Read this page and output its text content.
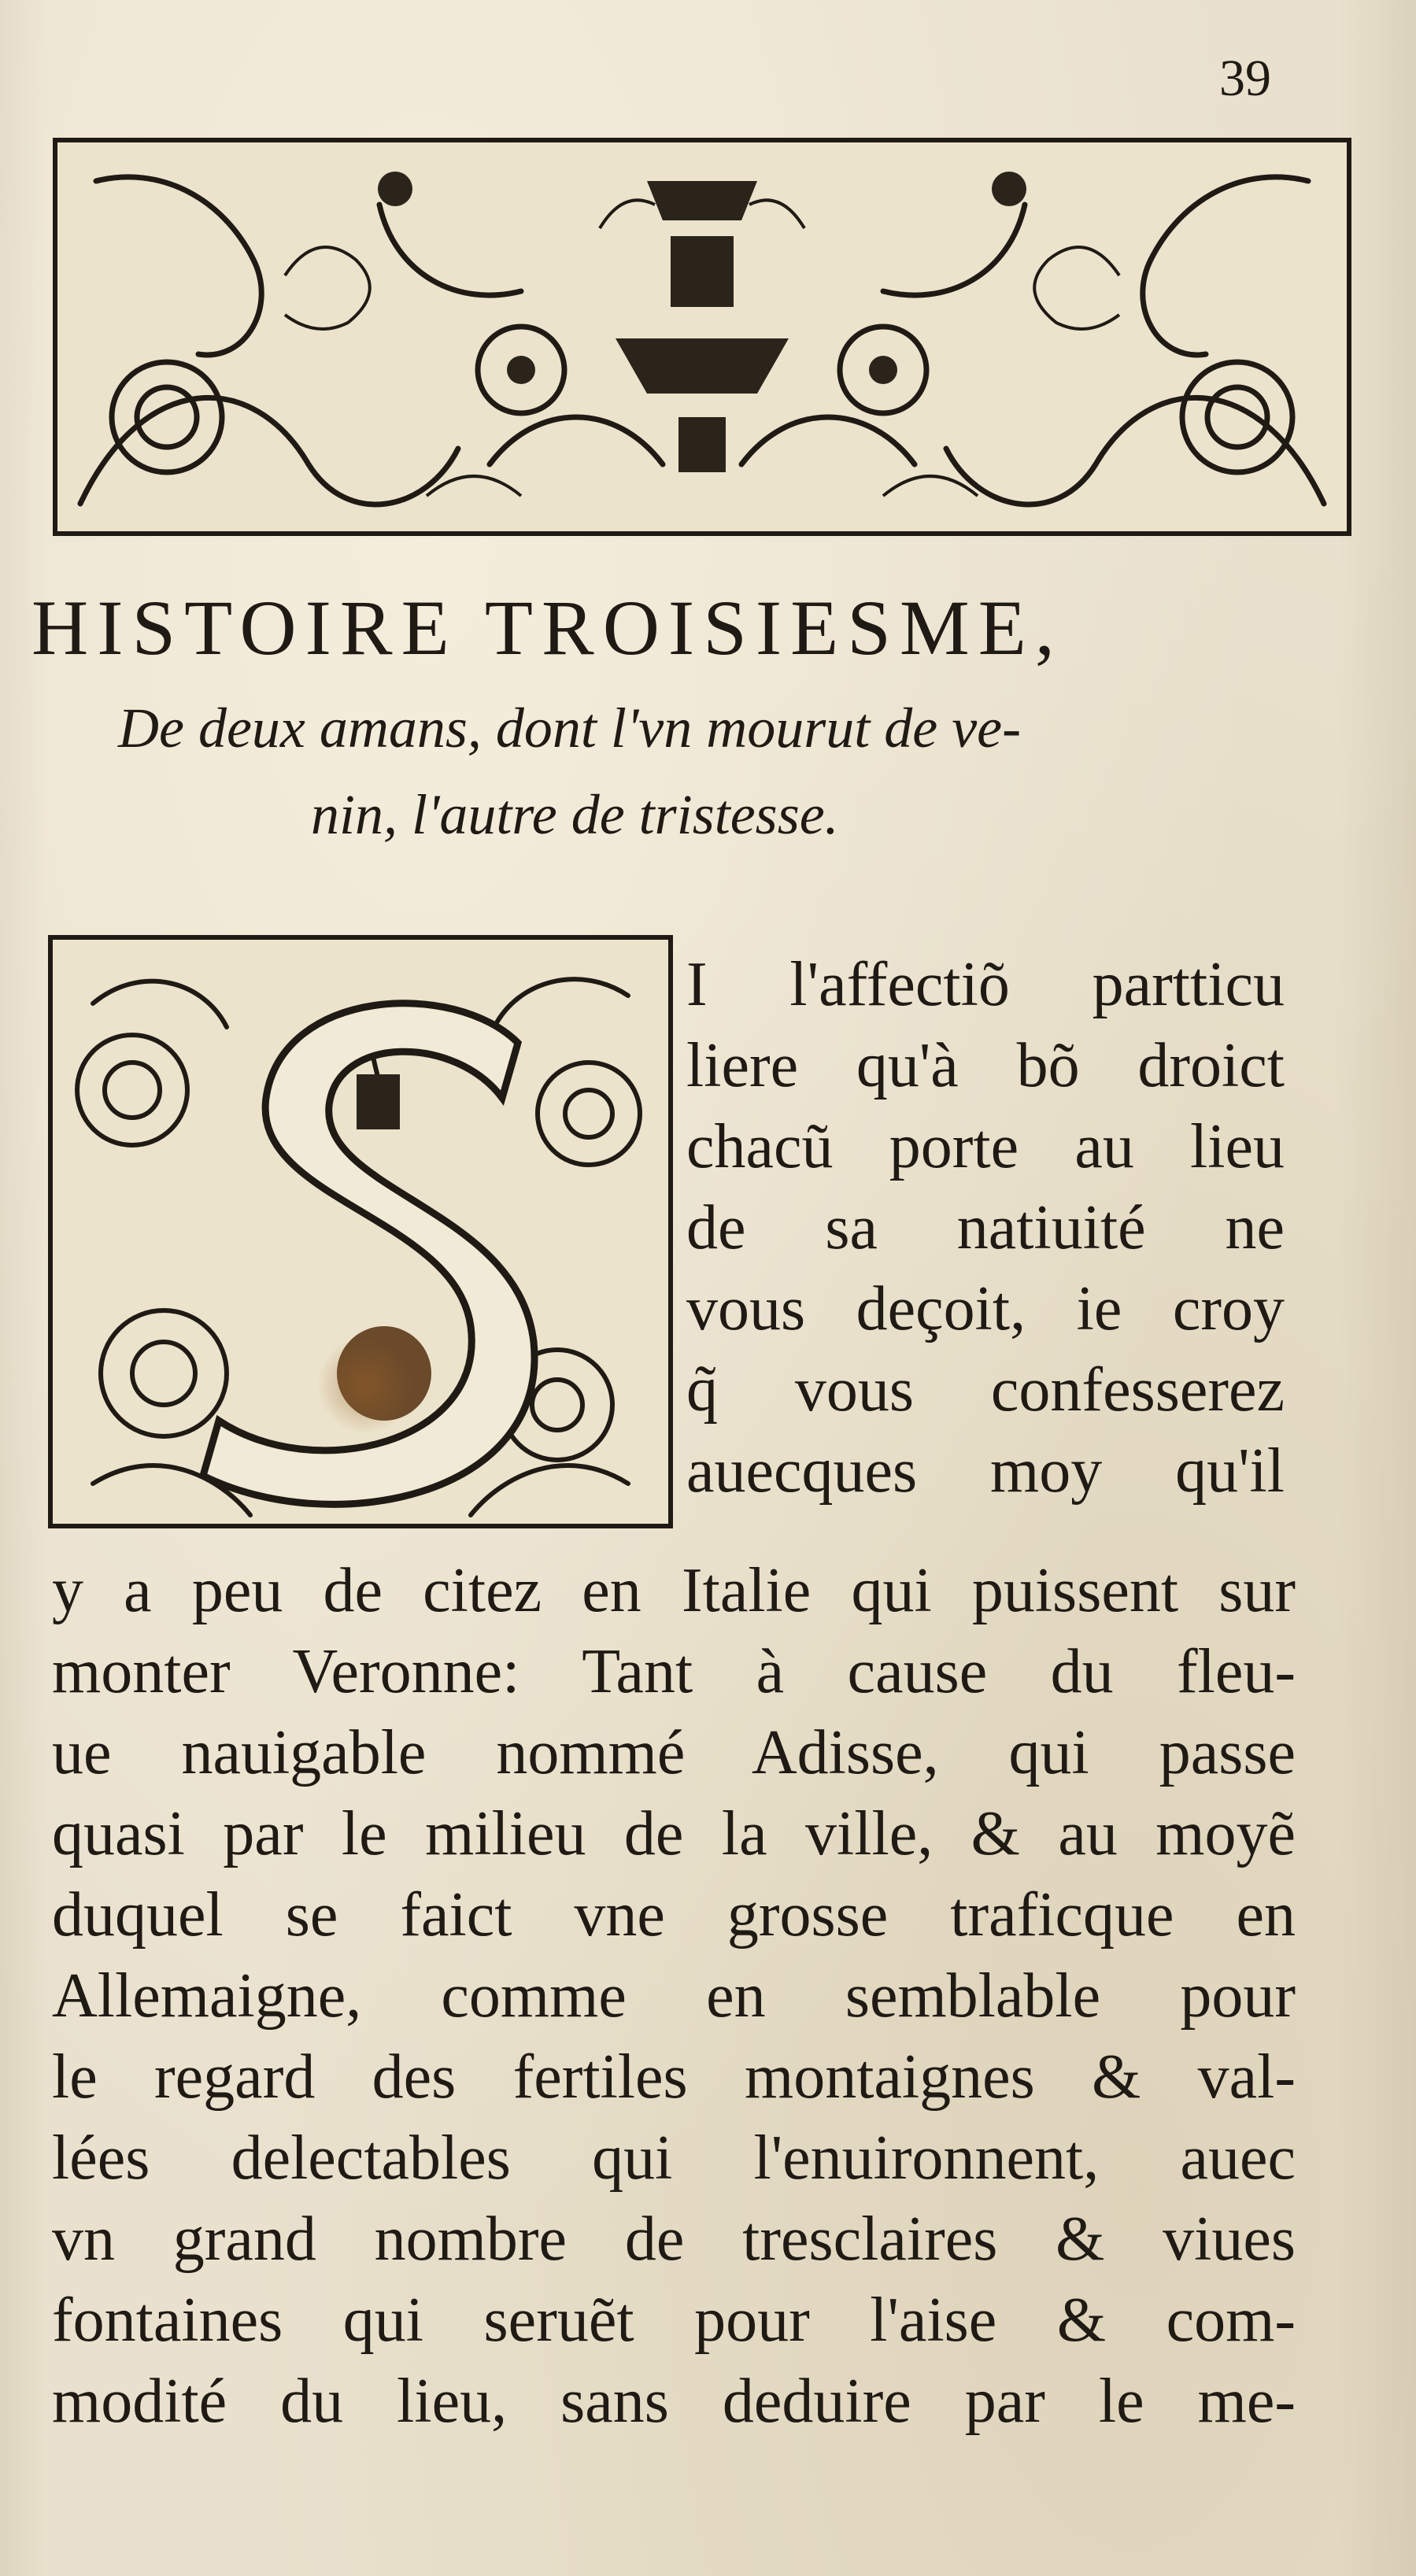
39
HISTOIRE TROISIESME,

De deux amans, dont l'vn mourut de ve-
nin, l'autre de tristesse.

S
I l'affectiõ partticu
liere qu'à bõ droict
chacũ porte au lieu
de sa natiuité ne
vous deçoit, ie croy
q̃ vous confesserez
auecques moy qu'il
y a peu de citez en Italie qui puissent sur
monter Veronne: Tant à cause du fleu-
ue nauigable nommé Adisse, qui passe
quasi par le milieu de la ville, & au moyẽ
duquel se faict vne grosse traficque en
Allemaigne, comme en semblable pour
le regard des fertiles montaignes & val-
lées delectables qui l'enuironnent, auec
vn grand nombre de tresclaires & viues
fontaines qui seruẽt pour l'aise & com-
modité du lieu, sans deduire par le me-
